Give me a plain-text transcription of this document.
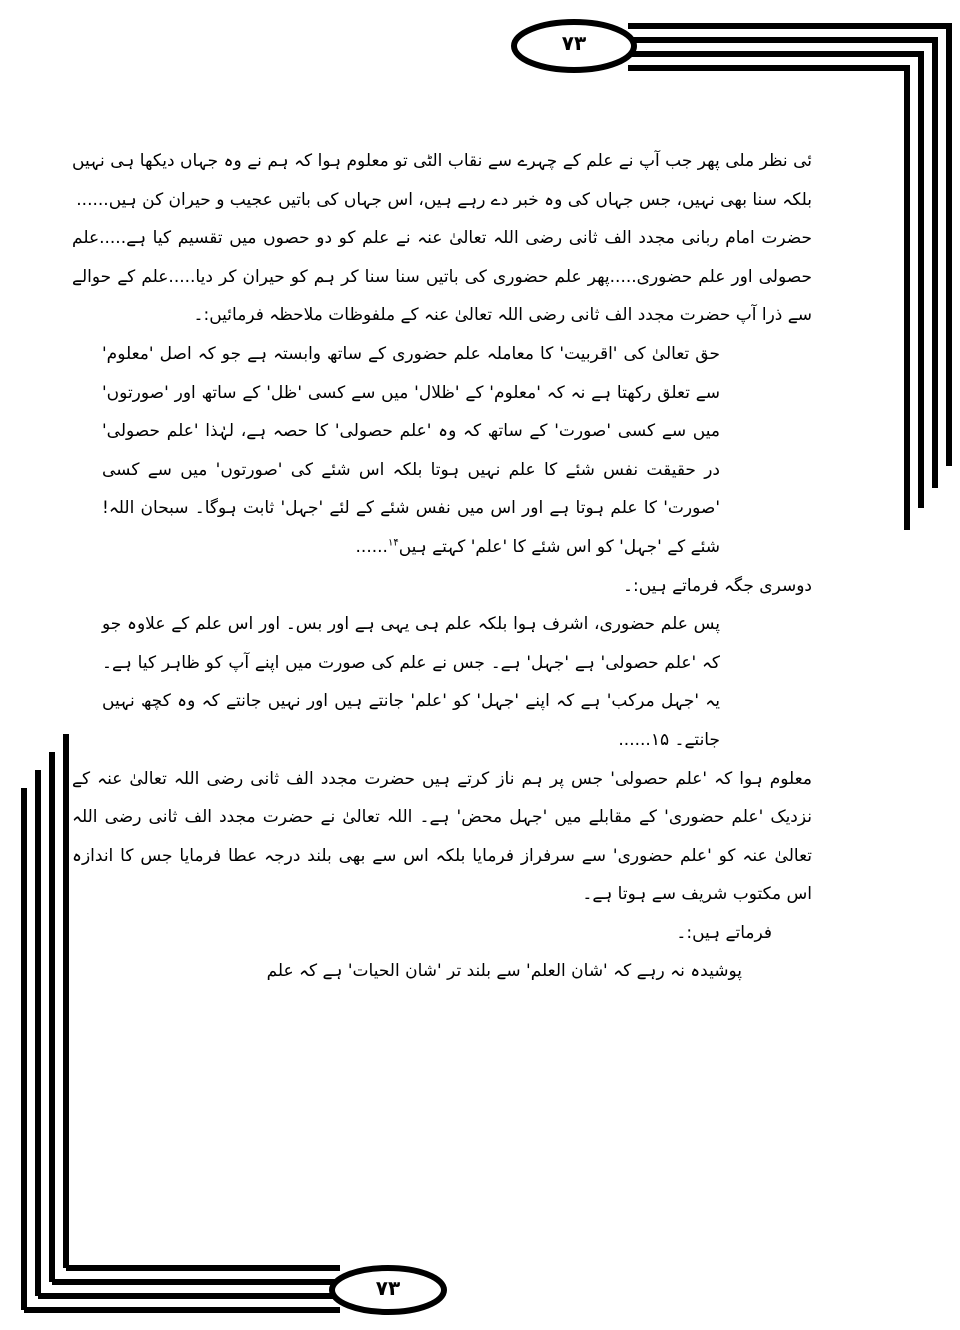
۷۳
۷۳

ئی نظر ملی پھر جب آپ نے علم کے چہرے سے نقاب الٹی تو معلوم ہوا کہ ہم نے وہ جہاں دیکھا ہی نہیں بلکہ سنا بھی نہیں، جس جہاں کی وہ خبر دے رہے ہیں، اس جہاں کی باتیں عجیب و حیران کن ہیں......

حضرت امام ربانی مجدد الف ثانی رضی اللہ تعالیٰ عنہ نے علم کو دو حصوں میں تقسیم کیا ہے.....علم حصولی اور علم حضوری.....پھر علم حضوری کی باتیں سنا سنا کر ہم کو حیران کر دیا.....علم کے حوالے سے ذرا آپ حضرت مجدد الف ثانی رضی اللہ تعالیٰ عنہ کے ملفوظات ملاحظہ فرمائیں:۔

حق تعالیٰ کی 'اقربیت' کا معاملہ علم حضوری کے ساتھ وابستہ ہے جو کہ اصل 'معلوم' سے تعلق رکھتا ہے نہ کہ 'معلوم' کے 'ظلال' میں سے کسی 'ظل' کے ساتھ اور 'صورتوں' میں سے کسی 'صورت' کے ساتھ کہ وہ 'علم حصولی' کا حصہ ہے، لہٰذا 'علم حصولی' در حقیقت نفس شئے کا علم نہیں ہوتا بلکہ اس شئے کی 'صورتوں' میں سے کسی 'صورت' کا علم ہوتا ہے اور اس میں نفس شئے کے لئے 'جہل' ثابت ہوگا۔ سبحان اللہ! شئے کے 'جہل' کو اس شئے کا 'علم' کہتے ہیں$^{۱۴}$......

دوسری جگہ فرماتے ہیں:۔

پس علم حضوری، اشرف ہوا بلکہ علم ہی یہی ہے اور بس۔ اور اس علم کے علاوہ جو کہ 'علم حصولی' ہے 'جہل' ہے۔ جس نے علم کی صورت میں اپنے آپ کو ظاہر کیا ہے۔ یہ 'جہل مرکب' ہے کہ اپنے 'جہل' کو 'علم' جانتے ہیں اور نہیں جانتے کہ وہ کچھ نہیں جانتے۔ ۱۵......

معلوم ہوا کہ 'علم حصولی' جس پر ہم ناز کرتے ہیں حضرت مجدد الف ثانی رضی اللہ تعالیٰ عنہ کے نزدیک 'علم حضوری' کے مقابلے میں 'جہل محض' ہے۔ اللہ تعالیٰ نے حضرت مجدد الف ثانی رضی اللہ تعالیٰ عنہ کو 'علم حضوری' سے سرفراز فرمایا بلکہ اس سے بھی بلند درجہ عطا فرمایا جس کا اندازہ اس مکتوب شریف سے ہوتا ہے۔

فرماتے ہیں:۔

پوشیدہ نہ رہے کہ 'شان العلم' سے بلند تر 'شان الحیات' ہے کہ علم
